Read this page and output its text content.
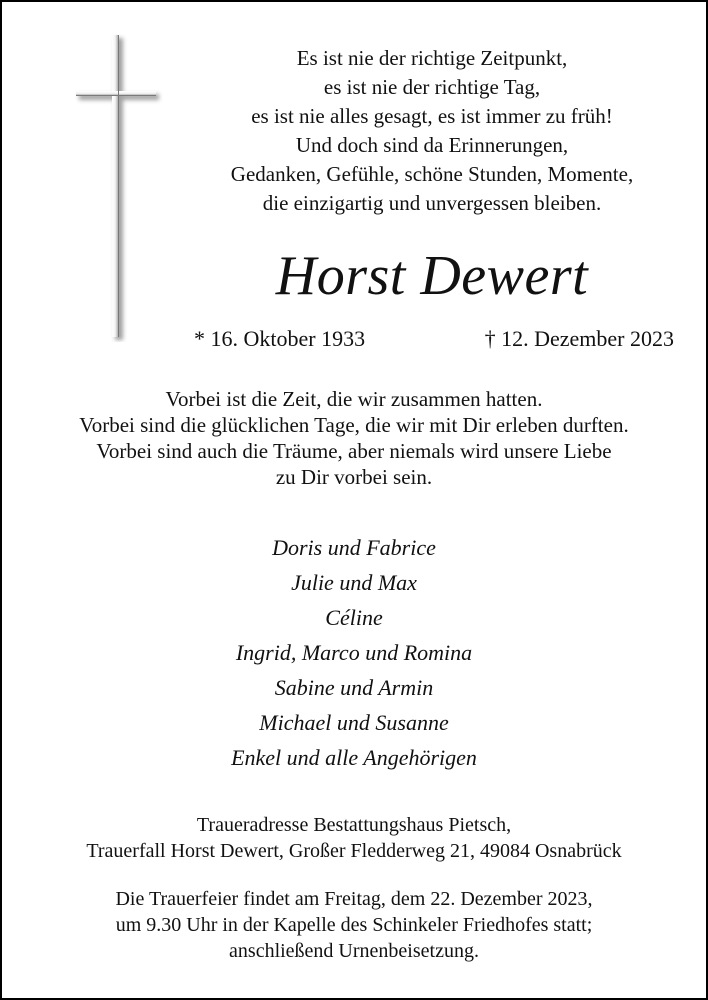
Es ist nie der richtige Zeitpunkt,
es ist nie der richtige Tag,
es ist nie alles gesagt, es ist immer zu früh!
Und doch sind da Erinnerungen,
Gedanken, Gefühle, schöne Stunden, Momente,
die einzigartig und unvergessen bleiben.
Horst Dewert
* 16. Oktober 1933	† 12. Dezember 2023
Vorbei ist die Zeit, die wir zusammen hatten.
Vorbei sind die glücklichen Tage, die wir mit Dir erleben durften.
Vorbei sind auch die Träume, aber niemals wird unsere Liebe
zu Dir vorbei sein.
Doris und Fabrice
Julie und Max
Céline
Ingrid, Marco und Romina
Sabine und Armin
Michael und Susanne
Enkel und alle Angehörigen
Traueradresse Bestattungshaus Pietsch,
Trauerfall Horst Dewert, Großer Fledderweg 21, 49084 Osnabrück
Die Trauerfeier findet am Freitag, dem 22. Dezember 2023,
um 9.30 Uhr in der Kapelle des Schinkeler Friedhofes statt;
anschließend Urnenbeisetzung.
